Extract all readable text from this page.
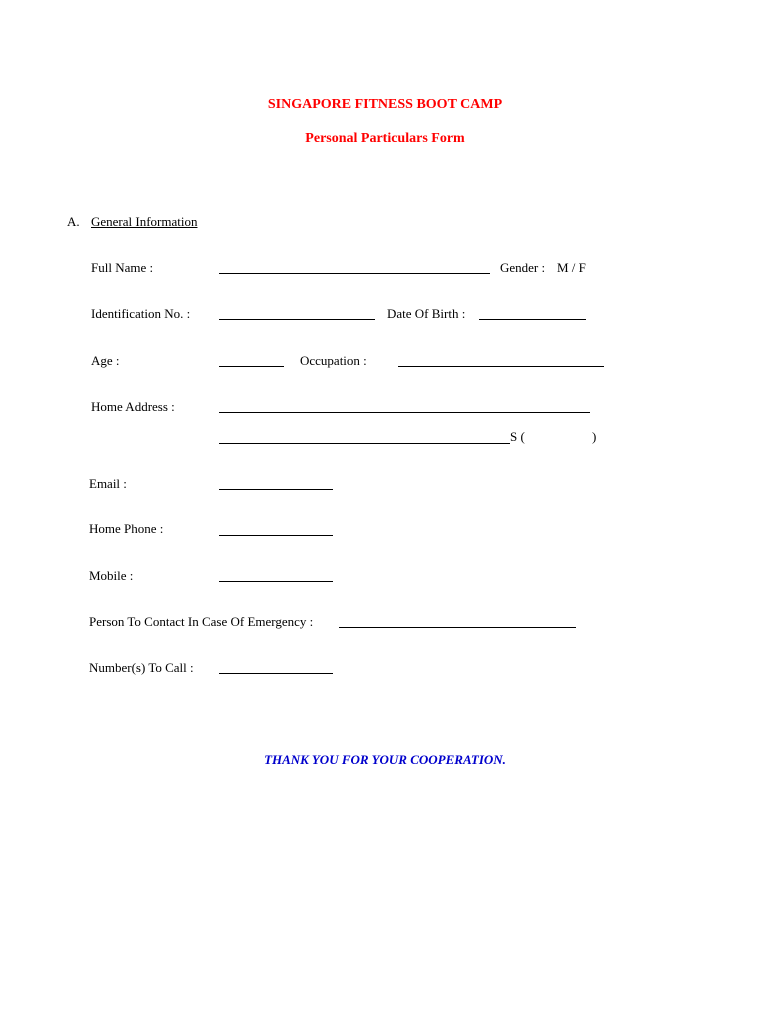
SINGAPORE FITNESS BOOT CAMP
Personal Particulars Form
A. General Information
Full Name :	Gender : M / F
Identification No. :	Date Of Birth :
Age :	Occupation :
Home Address :
S (	)
Email :
Home Phone :
Mobile :
Person To Contact In Case Of Emergency :
Number(s) To Call :
THANK YOU FOR YOUR COOPERATION.
